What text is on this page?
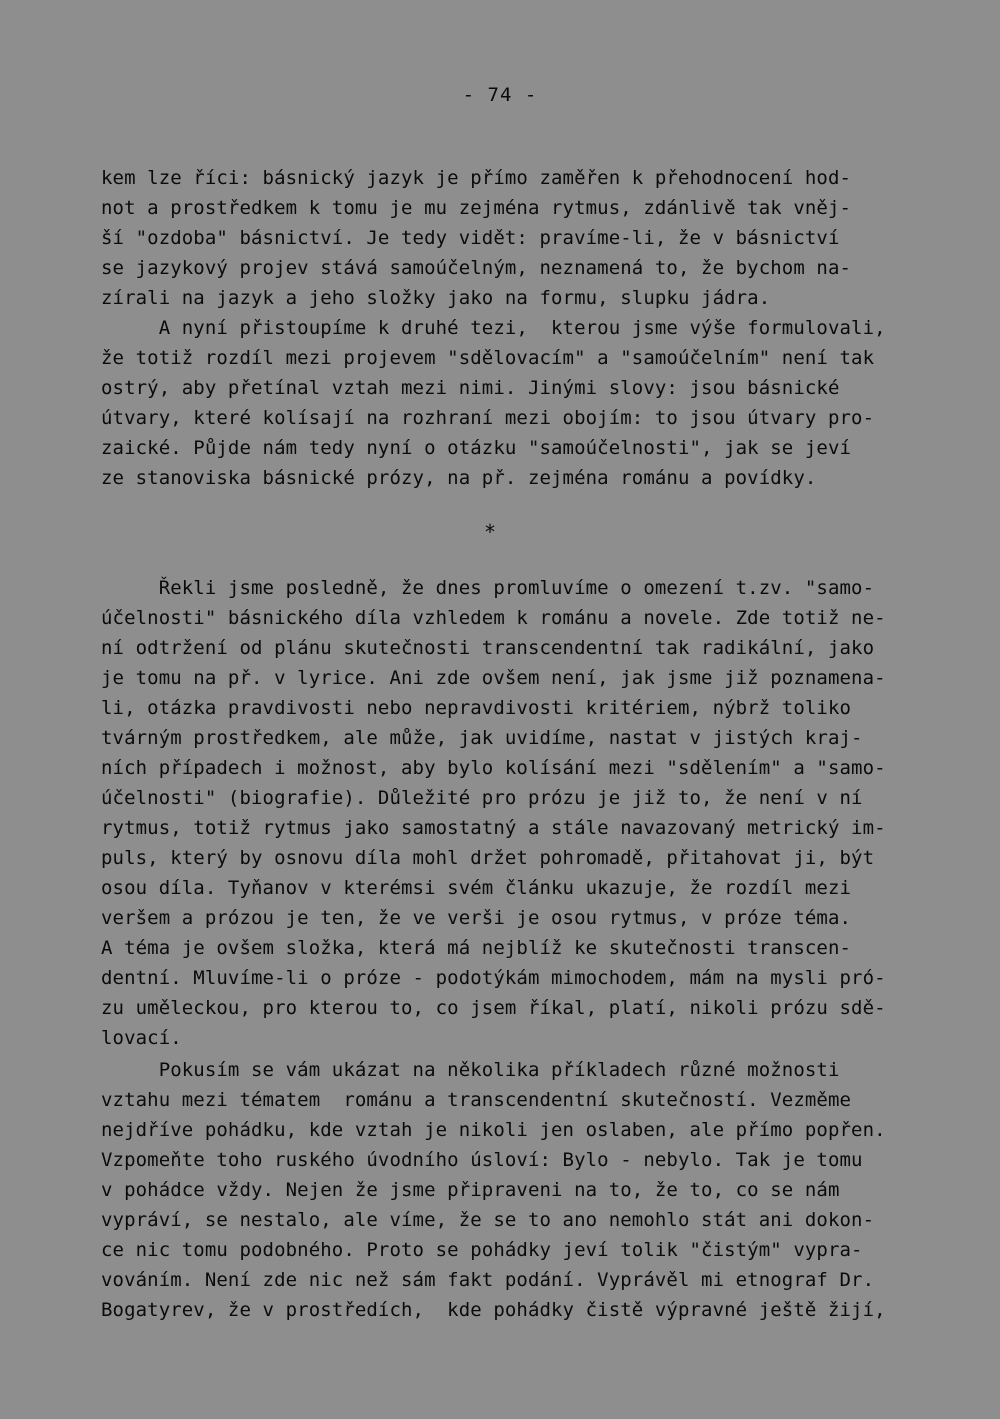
- 74 -
kem lze říci: básnický jazyk je přímo zaměřen k přehodnocení hod-
not a prostředkem k tomu je mu zejména rytmus, zdánlivě tak vněj-
ší "ozdoba" básnictví. Je tedy vidět: pravíme-li, že v básnictví
se jazykový projev stává samoúčelným, neznamená to, že bychom na-
zírali na jazyk a jeho složky jako na formu, slupku jádra.
A nyní přistoupíme k druhé tezi,  kterou jsme výše formulovali,
že totiž rozdíl mezi projevem "sdělovacím" a "samoúčelním" není tak
ostrý, aby přetínal vztah mezi nimi. Jinými slovy: jsou básnické
útvary, které kolísají na rozhraní mezi obojím: to jsou útvary pro-
zaické. Půjde nám tedy nyní o otázku "samoúčelnosti", jak se jeví
ze stanoviska básnické prózy, na př. zejména románu a povídky.
*
Řekli jsme posledně, že dnes promluvíme o omezení t.zv. "samo-
účelnosti" básnického díla vzhledem k románu a novele. Zde totiž ne-
ní odtržení od plánu skutečnosti transcendentní tak radikální, jako
je tomu na př. v lyrice. Ani zde ovšem není, jak jsme již poznamena-
li, otázka pravdivosti nebo nepravdivosti kritériem, nýbrž toliko
tvárným prostředkem, ale může, jak uvidíme, nastat v jistých kraj-
ních případech i možnost, aby bylo kolísání mezi "sdělením" a "samo-
účelnosti" (biografie). Důležité pro prózu je již to, že není v ní
rytmus, totiž rytmus jako samostatný a stále navazovaný metrický im-
puls, který by osnovu díla mohl držet pohromadě, přitahovat ji, být
osou díla. Tyňanov v kterémsi svém článku ukazuje, že rozdíl mezi
veršem a prózou je ten, že ve verši je osou rytmus, v próze téma.
A téma je ovšem složka, která má nejblíž ke skutečnosti transcen-
dentní. Mluvíme-li o próze - podotýkám mimochodem, mám na mysli pró-
zu uměleckou, pro kterou to, co jsem říkal, platí, nikoli prózu sdě-
lovací.
Pokusím se vám ukázat na několika příkladech různé možnosti
vztahu mezi tématem  románu a transcendentní skutečností. Vezměme
nejdříve pohádku, kde vztah je nikoli jen oslaben, ale přímo popřen.
Vzpomeňte toho ruského úvodního úsloví: Bylo - nebylo. Tak je tomu
v pohádce vždy. Nejen že jsme připraveni na to, že to, co se nám
vypráví, se nestalo, ale víme, že se to ano nemohlo stát ani dokon-
ce nic tomu podobného. Proto se pohádky jeví tolik "čistým" vypra-
vováním. Není zde nic než sám fakt podání. Vyprávěl mi etnograf Dr.
Bogatyrev, že v prostředích,  kde pohádky čistě výpravné ještě žijí,
